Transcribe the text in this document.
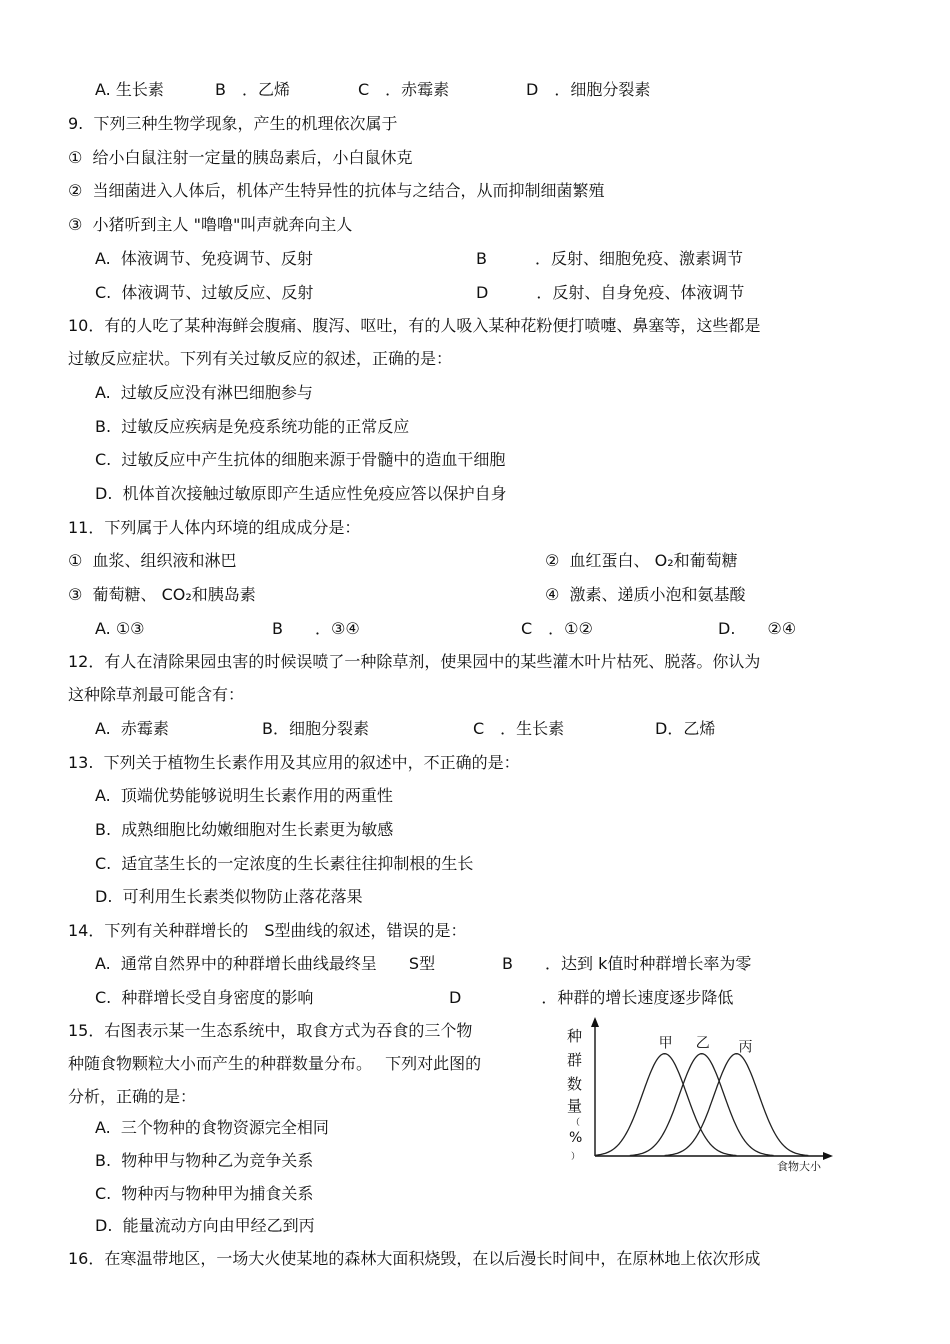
A. 生长素	B　．乙烯	C　．赤霉素	D　．细胞分裂素
9.  下列三种生物学现象，产生的机理依次属于
①  给小白鼠注射一定量的胰岛素后，小白鼠休克
②  当细菌进入人体后，机体产生特异性的抗体与之结合，从而抑制细菌繁殖
③  小猪听到主人 "噜噜"叫声就奔向主人
A.  体液调节、免疫调节、反射	B　　　．反射、细胞免疫、激素调节
C.  体液调节、过敏反应、反射	D　　　．反射、自身免疫、体液调节
10．有的人吃了某种海鲜会腹痛、腹泻、呕吐，有的人吸入某种花粉便打喷嚏、鼻塞等，这些都是
过敏反应症状。下列有关过敏反应的叙述，正确的是：
A.  过敏反应没有淋巴细胞参与
B.  过敏反应疾病是免疫系统功能的正常反应
C.  过敏反应中产生抗体的细胞来源于骨髓中的造血干细胞
D.  机体首次接触过敏原即产生适应性免疫应答以保护自身
11．下列属于人体内环境的组成成分是：
①  血浆、组织液和淋巴	②  血红蛋白、 O₂和葡萄糖
③  葡萄糖、 CO₂和胰岛素	④  激素、递质小泡和氨基酸
A. ①③	B　　．③④	C　．①②	D.　　②④
12．有人在清除果园虫害的时候误喷了一种除草剂，使果园中的某些灌木叶片枯死、脱落。你认为
这种除草剂最可能含有：
A.  赤霉素	B．细胞分裂素	C　．生长素	D．乙烯
13.  下列关于植物生长素作用及其应用的叙述中，不正确的是：
A.  顶端优势能够说明生长素作用的两重性
B.  成熟细胞比幼嫩细胞对生长素更为敏感
C.  适宜茎生长的一定浓度的生长素往往抑制根的生长
D.  可利用生长素类似物防止落花落果
14．下列有关种群增长的　S型曲线的叙述，错误的是：
A.  通常自然界中的种群增长曲线最终呈　　S型	B　　．达到 k值时种群增长率为零
C.  种群增长受自身密度的影响	D　　　　　．种群的增长速度逐步降低
15．右图表示某一生态系统中，取食方式为吞食的三个物
种随食物颗粒大小而产生的种群数量分布。　 下列对此图的
分析，正确的是：
A.  三个物种的食物资源完全相同
B.  物种甲与物种乙为竞争关系
C.  物种丙与物种甲为捕食关系
D.  能量流动方向由甲经乙到丙
16．在寒温带地区，一场大火使某地的森林大面积烧毁，在以后漫长时间中，在原林地上依次形成
种
群
数
量
（
%
）
食物大小
甲 乙 丙
